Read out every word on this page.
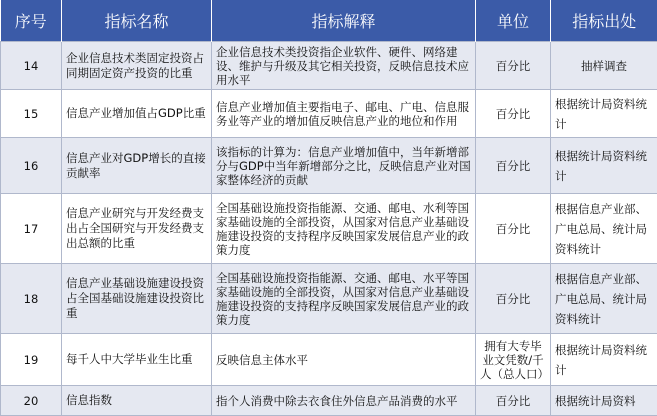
序号	指标名称	指标解释	单位	指标出处
14	企业信息技术类固定投资占同期固定资产投资的比重	企业信息技术类投资指企业软件、硬件、网络建设、维护与升级及其它相关投资，反映信息技术应用水平	百分比	抽样调查
15	信息产业增加值占GDP比重	信息产业增加值主要指电子、邮电、广电、信息服务业等产业的增加值反映信息产业的地位和作用	百分比	根据统计局资料统计
16	信息产业对GDP增长的直接贡献率	该指标的计算为：信息产业增加值中，当年新增部分与GDP中当年新增部分之比，反映信息产业对国家整体经济的贡献	百分比	根据统计局资料统计
17	信息产业研究与开发经费支出占全国研究与开发经费支出总额的比重	全国基础设施投资指能源、交通、邮电、水利等国家基础设施的全部投资，从国家对信息产业基础设施建设投资的支持程序反映国家发展信息产业的政策力度	百分比	根据信息产业部、广电总局、统计局资料统计
18	信息产业基础设施建设投资占全国基础设施建设投资比重	全国基础设施投资指能源、交通、邮电、水平等国家基础设施的全部投资，从国家对信息产业基础设施建设投资的支持程序反映国家发展信息产业的政策力度	百分比	根据信息产业部、广电总局、统计局资料统计
19	每千人中大学毕业生比重	反映信息主体水平	拥有大专毕业文凭数/千人（总人口）	根据统计局资料统计
20	信息指数	指个人消费中除去衣食住外信息产品消费的水平	百分比	根据统计局资料
